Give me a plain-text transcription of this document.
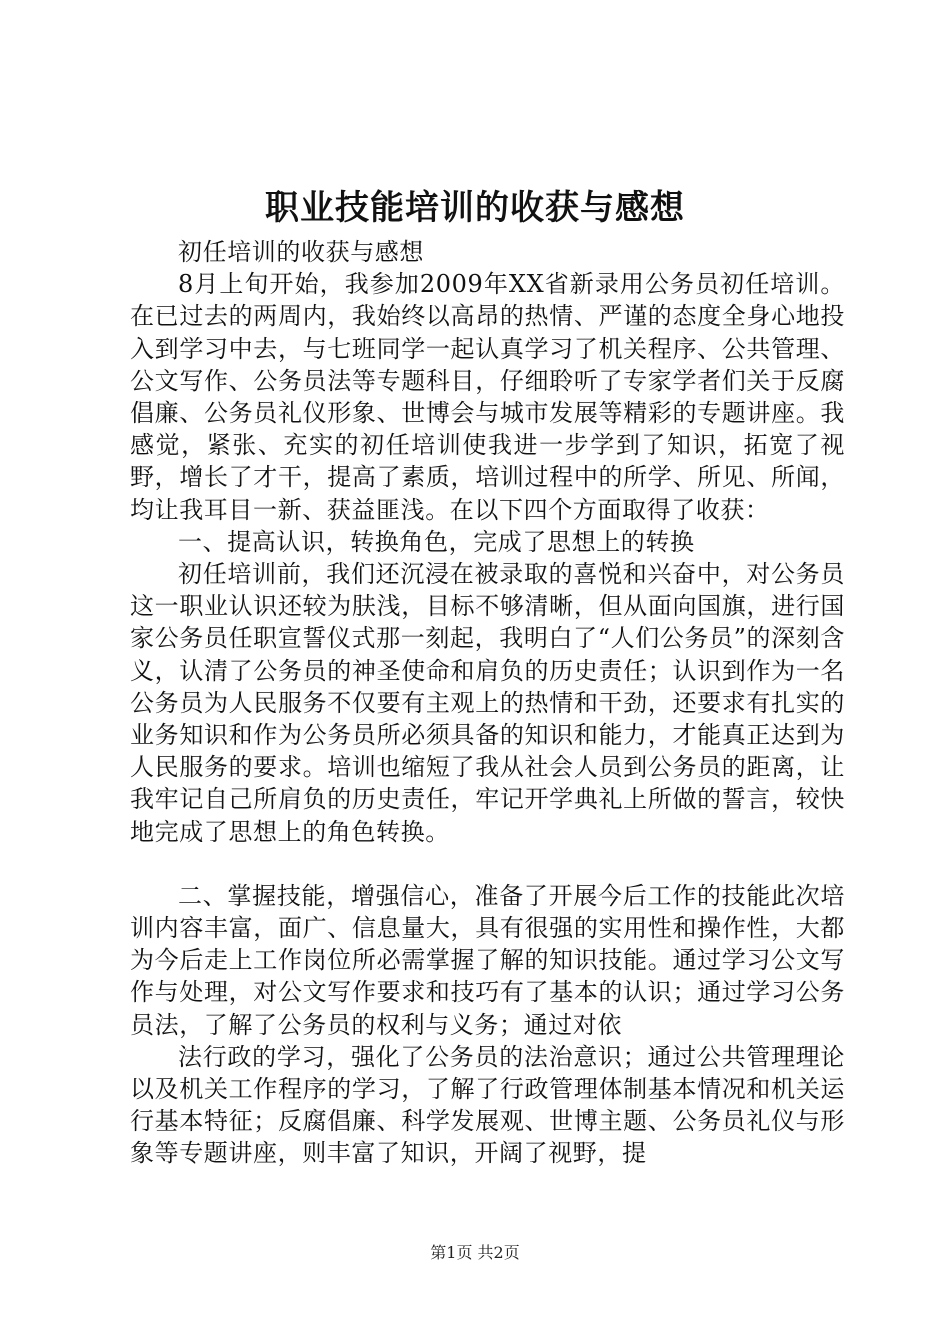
职业技能培训的收获与感想

初任培训的收获与感想

8月上旬开始，我参加2009年XX省新录用公务员初任培训。在已过去的两周内，我始终以高昂的热情、严谨的态度全身心地投入到学习中去，与七班同学一起认真学习了机关程序、公共管理、公文写作、公务员法等专题科目，仔细聆听了专家学者们关于反腐倡廉、公务员礼仪形象、世博会与城市发展等精彩的专题讲座。我感觉，紧张、充实的初任培训使我进一步学到了知识，拓宽了视野，增长了才干，提高了素质，培训过程中的所学、所见、所闻，均让我耳目一新、获益匪浅。在以下四个方面取得了收获：

一、提高认识，转换角色，完成了思想上的转换

初任培训前，我们还沉浸在被录取的喜悦和兴奋中，对公务员这一职业认识还较为肤浅，目标不够清晰，但从面向国旗，进行国家公务员任职宣誓仪式那一刻起，我明白了“人们公务员”的深刻含义，认清了公务员的神圣使命和肩负的历史责任；认识到作为一名公务员为人民服务不仅要有主观上的热情和干劲，还要求有扎实的业务知识和作为公务员所必须具备的知识和能力，才能真正达到为人民服务的要求。培训也缩短了我从社会人员到公务员的距离，让我牢记自己所肩负的历史责任，牢记开学典礼上所做的誓言，较快地完成了思想上的角色转换。

二、掌握技能，增强信心，准备了开展今后工作的技能此次培训内容丰富，面广、信息量大，具有很强的实用性和操作性，大都为今后走上工作岗位所必需掌握了解的知识技能。通过学习公文写作与处理，对公文写作要求和技巧有了基本的认识；通过学习公务员法，了解了公务员的权利与义务；通过对依

法行政的学习，强化了公务员的法治意识；通过公共管理理论以及机关工作程序的学习，了解了行政管理体制基本情况和机关运行基本特征；反腐倡廉、科学发展观、世博主题、公务员礼仪与形象等专题讲座，则丰富了知识，开阔了视野，提

第1页 共2页
